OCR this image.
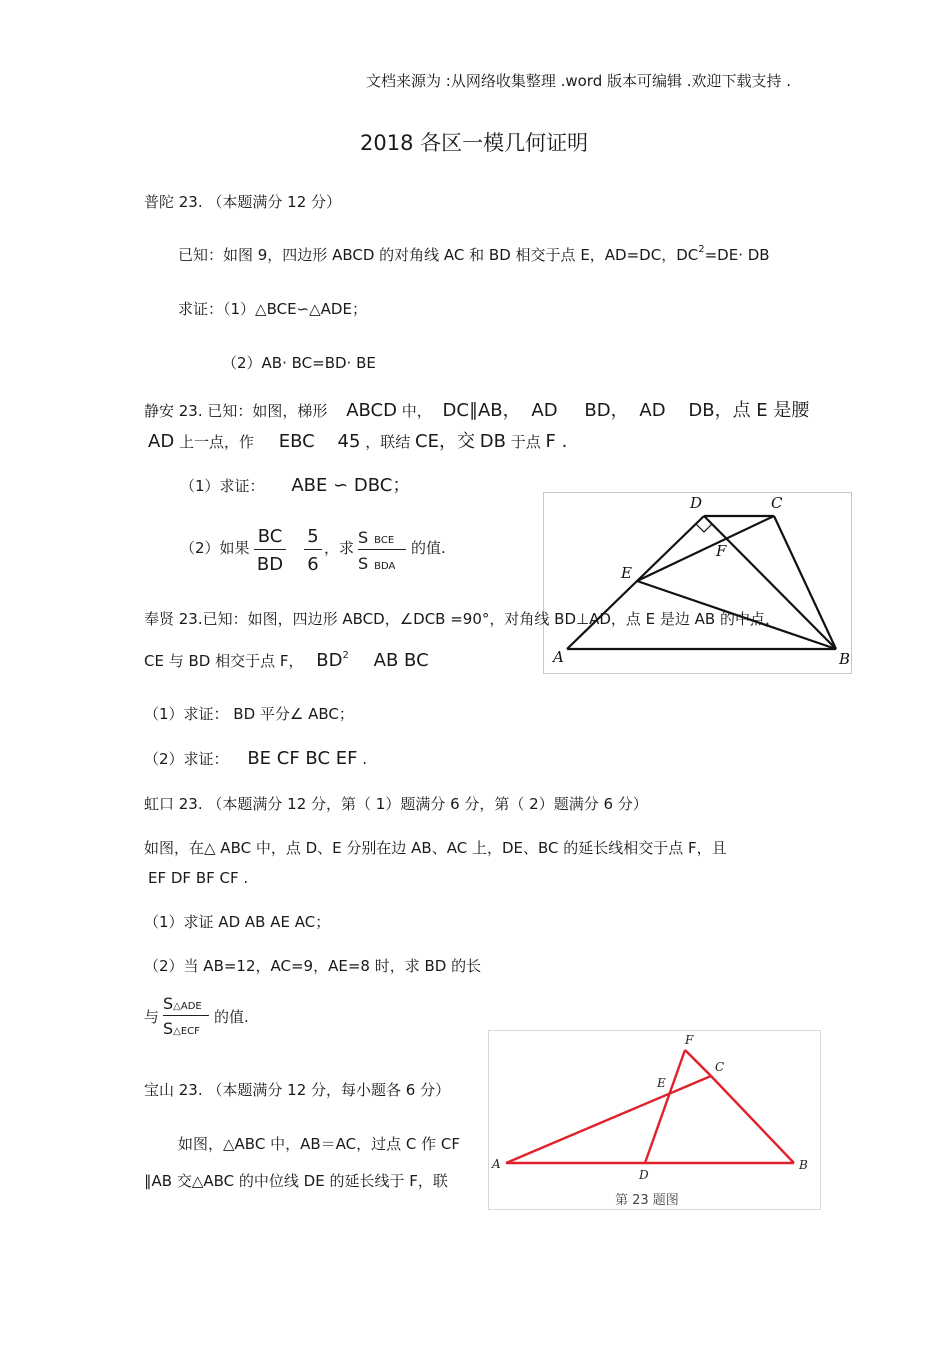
文档来源为 :从网络收集整理 .word 版本可编辑 .欢迎下载支持 .
2018 各区一模几何证明
普陀 23. （本题满分 12 分）
已知：如图 9，四边形 ABCD 的对角线 AC 和 BD 相交于点 E，AD=DC，$DC^2=DE\cdot$ DB
求证：（1）△BCE∽△ADE；
（2）AB· BC=BD· BE
静安 23. 已知：如图，梯形 ABCD 中， DC∥AB， AD BD， AD DB，点 E 是腰
AD 上一点，作 EBC 45 ，联结 CE，交 DB 于点 F .
（1）求证： ABE ∽ DBC；
（2）如果 $\frac{BC}{BD} \frac{5}{6}$ ，求
SBCE
SBDA
的值.
D	C
F
E
A	B
奉贤 23.已知：如图，四边形 ABCD，∠DCB =90°，对角线 BD⊥AD，点 E 是边 AB 的中点，
CE 与 BD 相交于点 F， $BD^2$ AB BC
（1）求证： BD 平分∠ ABC；
（2）求证： BE CF BC EF .
虹口 23. （本题满分 12 分，第（ 1）题满分 6 分，第（ 2）题满分 6 分）
如图，在△ ABC 中，点 D、E 分别在边 AB、AC 上，DE、BC 的延长线相交于点 F，且
EF DF BF CF .
（1）求证 AD AB AE AC；
（2）当 AB=12，AC=9，AE=8 时，求 BD 的长
与
S△ADE
S△ECF
的值.
F
C
E
A
D
B
第 23 题图
宝山 23. （本题满分 12 分，每小题各 6 分）
如图，△ABC 中，AB＝AC，过点 C 作 CF
∥AB 交△ABC 的中位线 DE 的延长线于 F，联
